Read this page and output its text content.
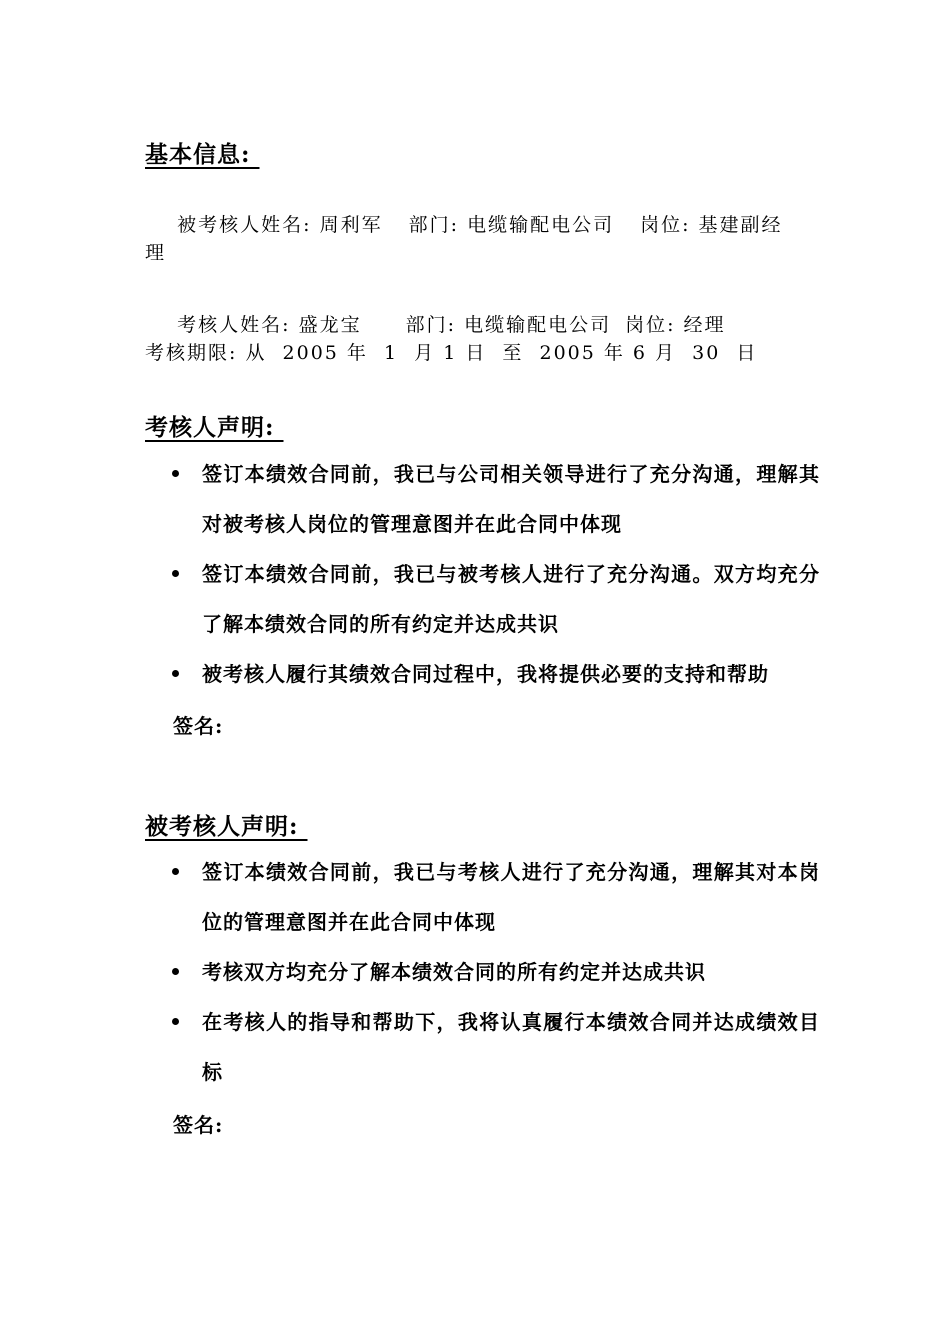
基本信息:

被考核人姓名: 周利军 部门: 电缆输配电公司 岗位: 基建副经

理

考核人姓名: 盛龙宝 部门: 电缆输配电公司 岗位: 经理

考核期限: 从  2005 年  1  月 1 日  至  2005 年 6 月  30  日
考核人声明:
签订本绩效合同前，我已与公司相关领导进行了充分沟通，理解其对被考核人岗位的管理意图并在此合同中体现
签订本绩效合同前，我已与被考核人进行了充分沟通。双方均充分了解本绩效合同的所有约定并达成共识
被考核人履行其绩效合同过程中，我将提供必要的支持和帮助
签名:
被考核人声明:
签订本绩效合同前，我已与考核人进行了充分沟通，理解其对本岗位的管理意图并在此合同中体现
考核双方均充分了解本绩效合同的所有约定并达成共识
在考核人的指导和帮助下，我将认真履行本绩效合同并达成绩效目标
签名:
